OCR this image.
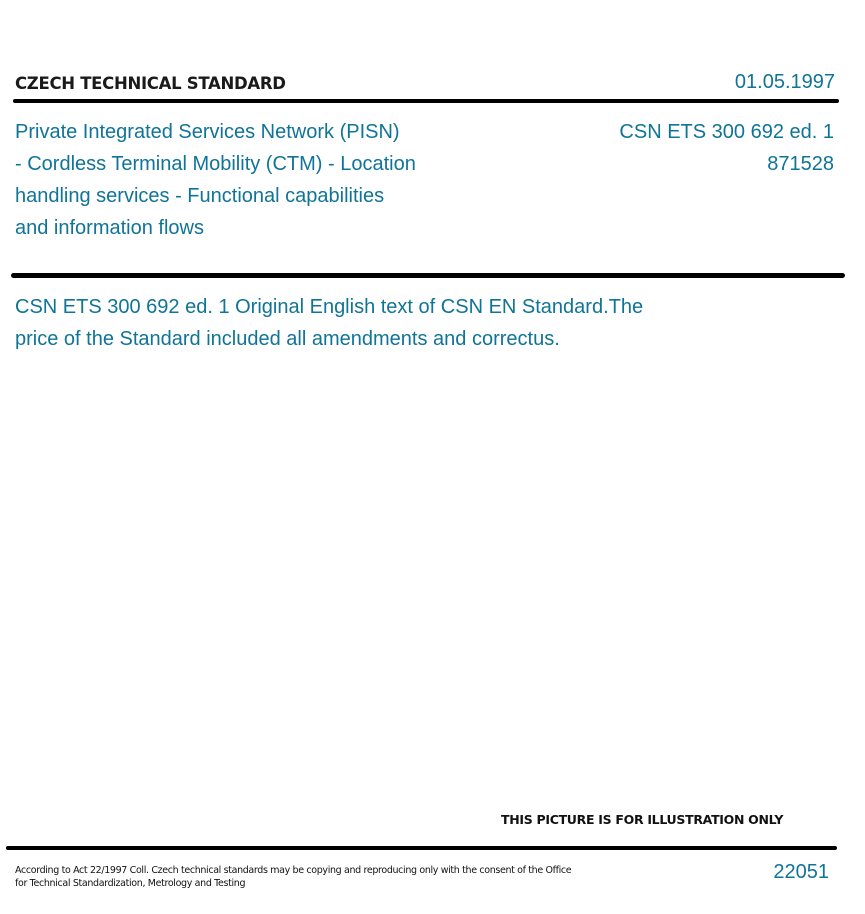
CZECH TECHNICAL STANDARD	01.05.1997
Private Integrated Services Network (PISN)
- Cordless Terminal Mobility (CTM) - Location
handling services - Functional capabilities
and information flows
CSN ETS 300 692 ed. 1
871528
CSN ETS 300 692 ed. 1 Original English text of CSN EN Standard.The
price of the Standard included all amendments and correctus.
THIS PICTURE IS FOR ILLUSTRATION ONLY
According to Act 22/1997 Coll. Czech technical standards may be copying and reproducing only with the consent of the Office
for Technical Standardization, Metrology and Testing
22051
